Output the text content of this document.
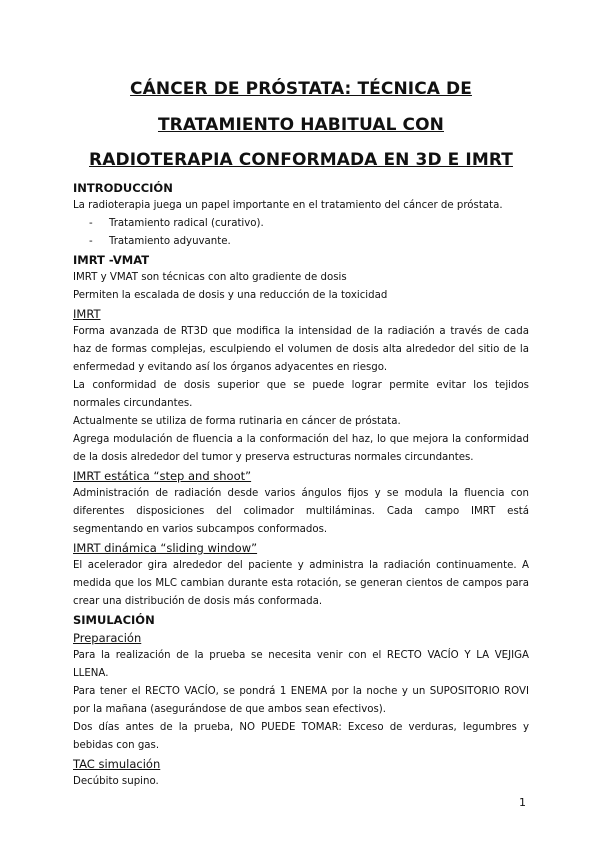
CÁNCER DE PRÓSTATA: TÉCNICA DE
TRATAMIENTO HABITUAL CON
RADIOTERAPIA CONFORMADA EN 3D E IMRT
INTRODUCCIÓN

La radioterapia juega un papel importante en el tratamiento del cáncer de próstata.

- Tratamiento radical (curativo).
- Tratamiento adyuvante.
IMRT -VMAT

IMRT y VMAT son técnicas con alto gradiente de dosis

Permiten la escalada de dosis y una reducción de la toxicidad

IMRT

Forma avanzada de RT3D que modifica la intensidad de la radiación a través de cada haz de formas complejas, esculpiendo el volumen de dosis alta alrededor del sitio de la enfermedad y evitando así los órganos adyacentes en riesgo.

La conformidad de dosis superior que se puede lograr permite evitar los tejidos normales circundantes.

Actualmente se utiliza de forma rutinaria en cáncer de próstata.

Agrega modulación de fluencia a la conformación del haz, lo que mejora la conformidad de la dosis alrededor del tumor y preserva estructuras normales circundantes.

IMRT estática “step and shoot”

Administración de radiación desde varios ángulos fijos y se modula la fluencia con diferentes disposiciones del colimador multiláminas. Cada campo IMRT está segmentando en varios subcampos conformados.

IMRT dinámica “sliding window”

El acelerador gira alrededor del paciente y administra la radiación continuamente. A medida que los MLC cambian durante esta rotación, se generan cientos de campos para crear una distribución de dosis más conformada.

SIMULACIÓN
Preparación

Para la realización de la prueba se necesita venir con el RECTO VACÍO Y LA VEJIGA LLENA.

Para tener el RECTO VACÍO, se pondrá 1 ENEMA por la noche y un SUPOSITORIO ROVI por la mañana (asegurándose de que ambos sean efectivos).

Dos días antes de la prueba, NO PUEDE TOMAR: Exceso de verduras, legumbres y bebidas con gas.

TAC simulación

Decúbito supino.

1
